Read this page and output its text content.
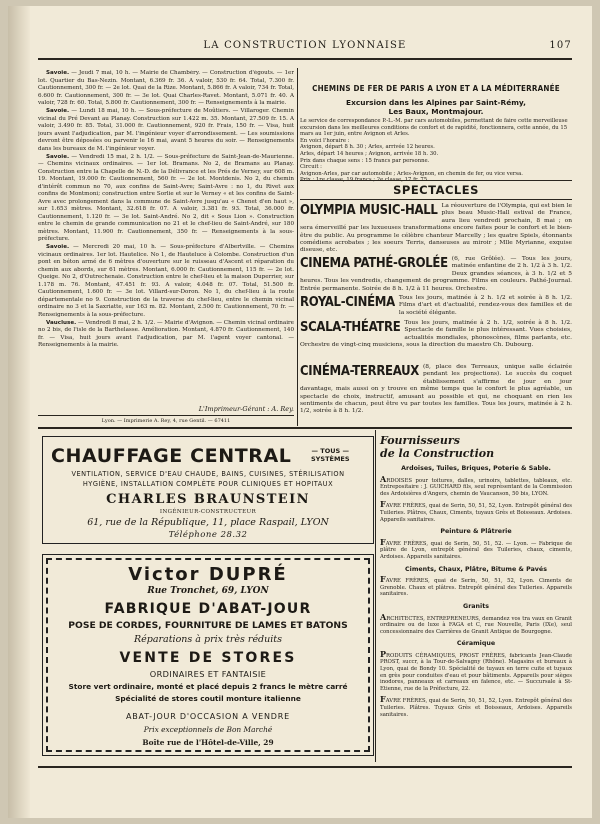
LA CONSTRUCTION LYONNAISE	107

Savoie. — Jeudi 7 mai, 10 h. — Mairie de Chambéry. — Construction d'égouts. — 1er lot. Quartier du Bas-Nezin. Montant, 6.369 fr. 36. A valoir, 530 fr. 64. Total, 7.300 fr. Cautionnement, 300 fr. — 2e lot. Quai de la Rize. Montant, 5.866 fr. A valoir, 734 fr. Total, 6.600 fr. Cautionnement, 300 fr. — 3e lot. Quai Charles-Ravet. Montant, 5.071 fr. 40. A valoir, 728 fr. 60. Total, 5.800 fr. Cautionnement, 300 fr. — Renseignements à la mairie.

Savoie. — Lundi 18 mai, 10 h. — Sous-préfecture de Moûtiers. — Villaroger. Chemin vicinal du Pré Devant au Planay. Construction sur 1.422 m. 35. Montant, 27.509 fr. 15. A valoir, 3.490 fr. 85. Total, 31.000 fr. Cautionnement, 920 fr. Frais, 150 fr. — Visa, huit jours avant l'adjudication, par M. l'ingénieur voyer d'arrondissement. — Les soumissions devront être déposées ou parvenir le 16 mai, avant 5 heures du soir. — Renseignements dans les bureaux de M. l'ingénieur voyer.

Savoie. — Vendredi 15 mai, 2 h. 1/2. — Sous-préfecture de Saint-Jean-de-Maurienne. — Chemins vicinaux ordinaires. — 1er lot. Bramans. No 2, de Bramans au Planay. Construction entre la Chapelle de N.-D. de la Délivrance et les Prés de Verney, sur 608 m. 19. Montant, 19.000 fr. Cautionnement, 560 fr. — 2e lot. Montdenis. No 2, du chemin d'intérêt commun no 70, aux confins de Saint-Avre; Saint-Avre : no 1, du Rivet aux confins de Montmoni; construction entre Sorlie et sur le Verney « et les confins de Saint-Avre avec prolongement dans la commune de Saint-Avre jusqu'au « Chenet d'en haut », sur 1.653 mètres. Montant, 32.618 fr. 07. A valoir, 3.381 fr. 93. Total, 36.000 fr. Cautionnement, 1.120 fr. — 3e lot. Saint-André. No 2, dit « Sous Lion ». Construction entre le chemin de grande communication no 21 et le chef-lieu de Saint-André, sur 180 mètres. Montant, 11.900 fr. Cautionnement, 350 fr. — Renseignements à la sous-préfecture.

Savoie. — Mercredi 20 mai, 10 h. — Sous-préfecture d'Albertville. — Chemins vicinaux ordinaires. 1er lot. Hautelice. No 1, de Hauteluce à Colombe. Construction d'un pont en béton armé de 6 mètres d'ouverture sur le ruisseau d'Ascent et réparation du chemin aux abords, sur 61 mètres. Montant, 6.000 fr. Cautionnement, 115 fr. — 2e lot. Queige. No 2, d'Outrechenaie. Construction entre le chef-lieu et la maison Duperrier, sur 1.178 m. 76. Montant, 47.451 fr. 93. A valoir, 4.048 fr. 07. Total, 51.500 fr. Cautionnement, 1.600 fr. — 3e lot. Villard-sur-Doron. No 1, du chef-lieu à la route départementale no 9. Construction de la traverse du chef-lieu, entre le chemin vicinal ordinaire no 3 et la Saxriatte, sur 163 m. 82. Montant, 2.500 fr. Cautionnement, 70 fr. — Renseignements à la sous-préfecture.

Vaucluse. — Vendredi 8 mai, 2 h. 1/2. — Mairie d'Avignon. — Chemin vicinal ordinaire no 2 bis, de l'isle de la Barthelasse. Amélioration. Montant, 4.870 fr. Cautionnement, 140 fr. — Visa, huit jours avant l'adjudication, par M. l'agent voyer cantonal. — Renseignements à la mairie.

L'Imprimeur-Gérant : A. Rey.
Lyon. — Imprimerie A. Rey, 4, rue Gentil. — 67411
CHEMINS DE FER DE PARIS A LYON ET A LA MÉDITERRANÉE
Excursion dans les Alpines par Saint-Rémy,
Les Baux, Montmajour.
Le service de correspondance P.-L.-M. par cars automobiles, permettant de faire cette merveilleuse excursion dans les meilleures conditions de confort et de rapidité, fonctionnera, cette année, du 15 mars au 1er juin, entre Avignon et Arles.
En voici l'horaire :
Avignon, départ 8 h. 30 ; Arles, arrivée 12 heures.
Arles, départ 14 heures ; Avignon, arrivée 18 h. 30.
Prix dans chaque sens : 15 francs par personne.
Circuit :
Avignon-Arles, par car automobile ; Arles-Avignon, en chemin de fer, ou vice versa.
SPECTACLES
OLYMPIA MUSIC-HALL La réouverture de l'Olympia, qui est bien le plus beau Music-Hall estival de France, aura lieu vendredi prochain, 8 mai ; on sera émerveillé par les luxueuses transformations encore faites pour le confort et le bien-être du public. Au programme le célèbre chanteur Marcelly ; les quatre Spiels, étonnants comédiens acrobates ; les soeurs Terris, danseuses au miroir ; Mlle Myrianne, exquise diseuse, etc.
CINEMA PATHÉ-GROLÉE (6, rue Grôlée). — Tous les jours, matinée enfantine de 2 h. 1/2 à 3 h. 1/2. Deux grandes séances, à 3 h. 1/2 et 5 heures. Tous les vendredis, changement de programme. Films en couleurs. Pathé-Journal. Entrée permanente. Soirée de 8 h. 1/2 à 11 heures. Orchestre.
ROYAL-CINÉMA Tous les jours, matinée à 2 h. 1/2 et soirée à 8 h. 1/2. Films d'art et d'actualité, rendez-vous des familles et de la société élégante.
SCALA-THÉATRE Tous les jours, matinée à 2 h. 1/2, soirée à 8 h. 1/2. Spectacle de famille le plus intéressant. Vues choisies, actualités mondiales, phonoscènes, films parlants, etc. Orchestre de vingt-cinq musiciens, sous la direction du maestro Ch. Dubourg.
CINÉMA-TERREAUX (8, place des Terreaux, unique salle éclairée pendant les projections). Le succès du coquet établissement s'affirme de jour en jour davantage, mais aussi on y trouve en même temps que le confort le plus agréable, un spectacle de choix, instructif, amusant au possible et qui, ne choquant en rien les sentiments de chacun, peut être vu par toutes les familles. Tous les jours, matinée à 2 h. 1/2, soirée à 8 h. 1/2.
CHAUFFAGE CENTRAL	— TOUS —
SYSTÈMES
VENTILATION, SERVICE D'EAU CHAUDE, BAINS, CUISINES, STÉRILISATION
HYGIÈNE, INSTALLATION COMPLÈTE POUR CLINIQUES ET HOPITAUX
CHARLES BRAUNSTEIN
INGÉNIEUR-CONSTRUCTEUR
61, rue de la République, 11, place Raspail, LYON
Téléphone 28.32
Victor DUPRÉ
Rue Tronchet, 69, LYON
FABRIQUE D'ABAT-JOUR
POSE DE CORDES, FOURNITURE DE LAMES ET BATONS
Réparations à prix très réduits
VENTE DE STORES
ORDINAIRES ET FANTAISIE
Store vert ordinaire, monté et placé depuis 2 francs le mètre carré
Spécialité de stores coutil monture italienne
ABAT-JOUR D'OCCASION A VENDRE
Prix exceptionnels de Bon Marché
Boîte rue de l'Hôtel-de-Ville, 29
Fournisseurs
de la Construction
Ardoises, Tuiles, Briques, Poterie & Sable.
ARDOISES pour toitures, dalles, urinoirs, tablettes, tableaux, etc. Entrepositaire : J. GUICHARD fils, seul représentant de la Commission des Ardoisières d'Angers, chemin de Vaucanson, 50 bis, LYON.
FAVRE FRÈRES, quai de Serin, 50, 51, 52, Lyon. Entrepôt général des Tuileries. Plâtres, Chaux, Ciments, tuyaux Grès et Boisseaux. Ardoises. Appareils sanitaires.
Peinture & Plâtrerie
FAVRE FRÈRES, quai de Serin, 50, 51, 52. — Lyon. — Fabrique de plâtre de Lyon, entrepôt général des Tuileries, chaux, ciments, Ardoises. Appareils sanitaires.
Ciments, Chaux, Plâtre, Bitume & Pavés
FAVRE FRÈRES, quai de Serin, 50, 51, 52, Lyon. Ciments de Grenoble. Chaux et plâtres. Entrepôt général des Tuileries. Appareils sanitaires.
Granits
ARCHITECTES, ENTREPRENEURS, demandez vos tra vaux en Granit ordinaire ou de luxe à FAGA et C, rue Nouvelle, Paris (IXe), seul concessionnaire des Carrières de Granit Antique de Bourgogne.
Céramique
PRODUITS CÉRAMIQUES, PROST FRÈRES, fabricants Jean-Claude PROST, succr, à la Tour-de-Salvagny (Rhône). Magasins et bureaux à Lyon, quai de Bondy 10. Spécialité de tuyaux en terre cuite et tuyaux en grès pour conduites d'eau et pour bâtiments. Appareils pour sièges inodores, panneaux et carreaux en faïence, etc. — Succursale à St-Etienne, rue de la Préfecture, 22.
FAVRE FRÈRES, quai de Serin, 50, 51, 52, Lyon. Entrepôt général des Tuileries. Plâtres. Tuyaux Grès et Boisseaux, Ardoises. Appareils sanitaires.
